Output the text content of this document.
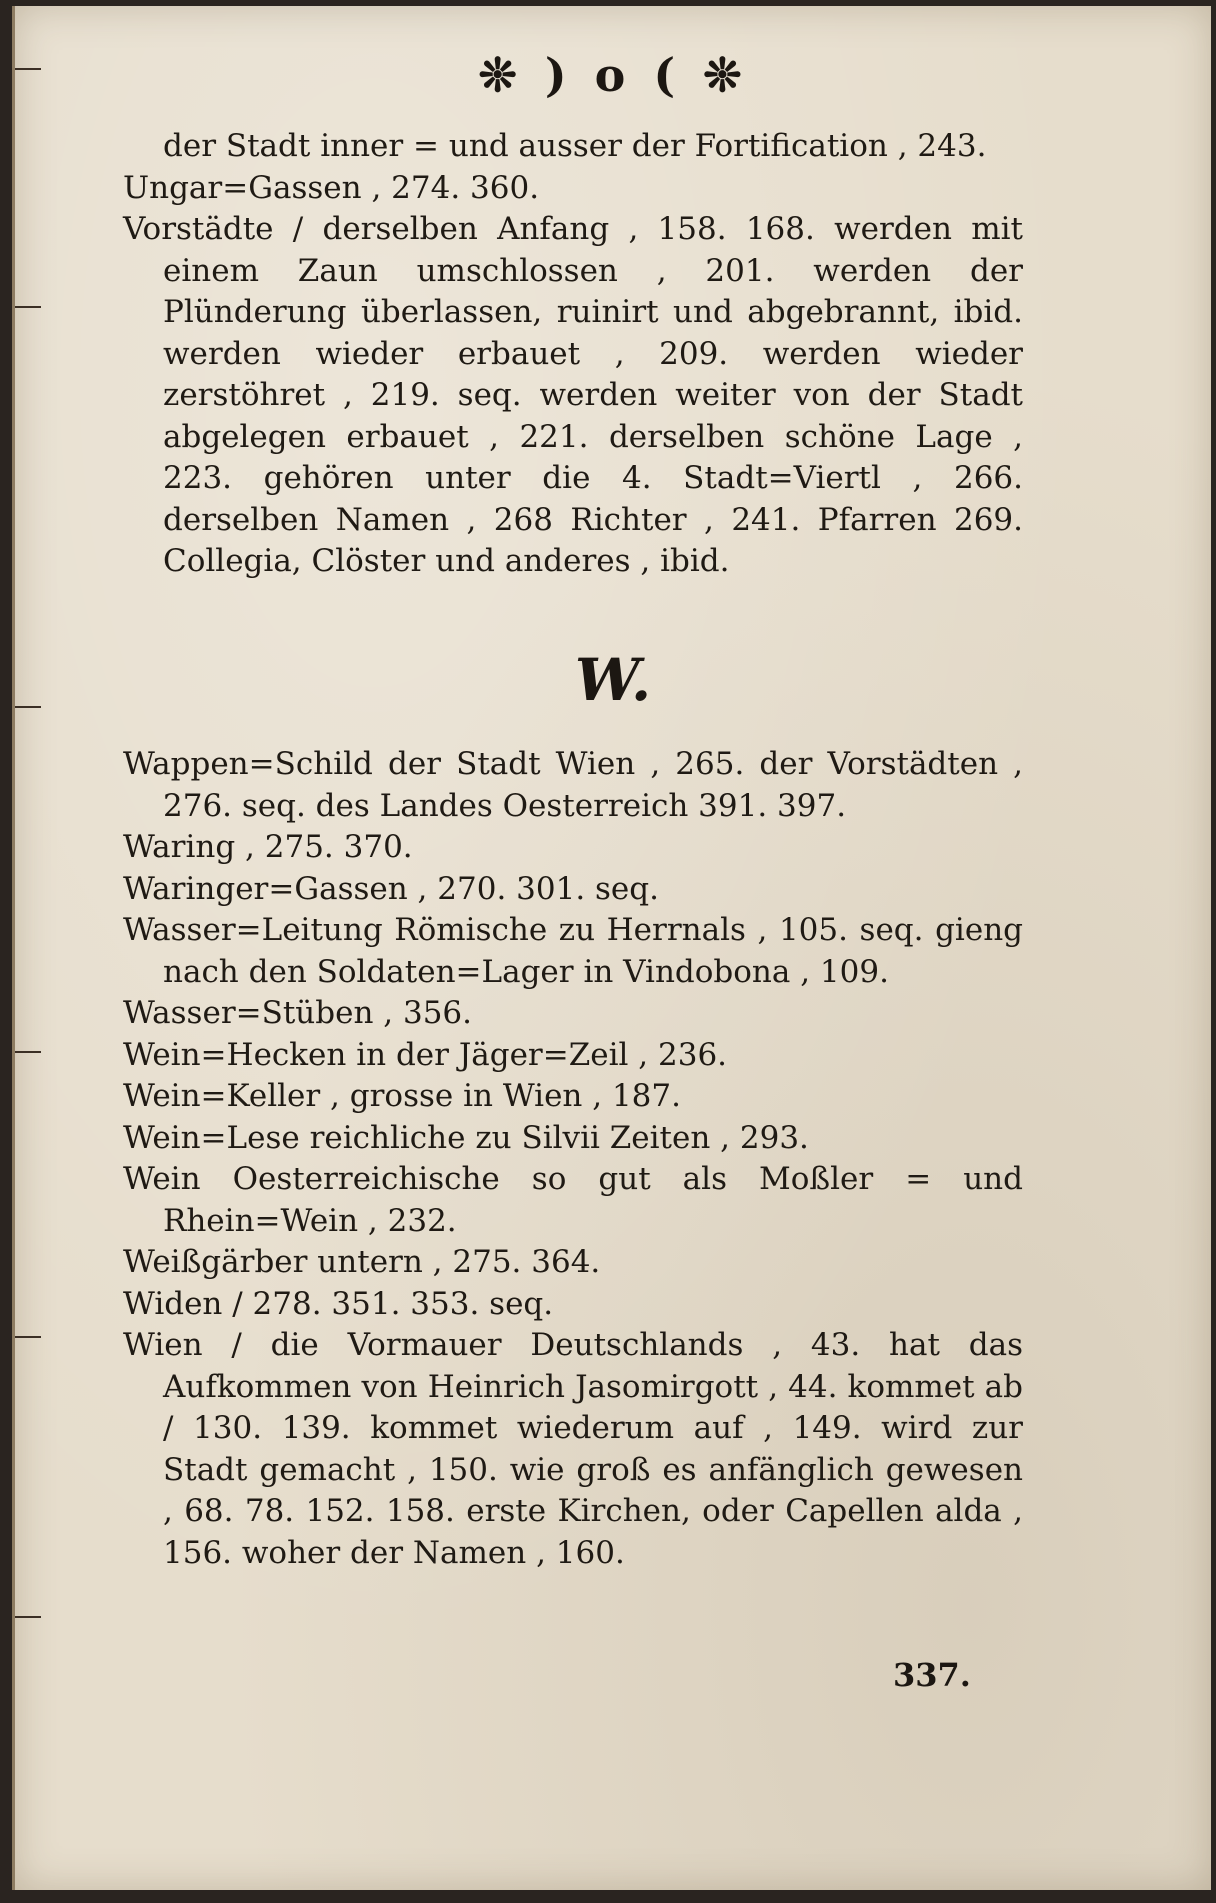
❊ ) o ( ❊

der Stadt inner = und ausser der Fortification , 243.

Ungar=Gassen , 274. 360.

Vorstädte / derselben Anfang , 158. 168. werden mit einem Zaun umschlossen , 201. werden der Plünderung überlassen, ruinirt und abgebrannt, ibid. werden wieder erbauet , 209. werden wieder zerstöhret , 219. seq. werden weiter von der Stadt abgelegen erbauet , 221. derselben schöne Lage , 223. gehören unter die 4. Stadt=Viertl , 266. derselben Namen , 268 Richter , 241. Pfarren 269. Collegia, Clöster und anderes , ibid.

W.

Wappen=Schild der Stadt Wien , 265. der Vorstädten , 276. seq. des Landes Oesterreich 391. 397.

Waring , 275. 370.

Waringer=Gassen , 270. 301. seq.

Wasser=Leitung Römische zu Herrnals , 105. seq. gieng nach den Soldaten=Lager in Vindobona , 109.

Wasser=Stüben , 356.

Wein=Hecken in der Jäger=Zeil , 236.

Wein=Keller , grosse in Wien , 187.

Wein=Lese reichliche zu Silvii Zeiten , 293.

Wein Oesterreichische so gut als Moßler = und Rhein=Wein , 232.

Weißgärber untern , 275. 364.

Widen / 278. 351. 353. seq.

Wien / die Vormauer Deutschlands , 43. hat das Aufkommen von Heinrich Jasomirgott , 44. kommet ab / 130. 139. kommet wiederum auf , 149. wird zur Stadt gemacht , 150. wie groß es anfänglich gewesen , 68. 78. 152. 158. erste Kirchen, oder Capellen alda , 156. woher der Namen , 160.

337.
